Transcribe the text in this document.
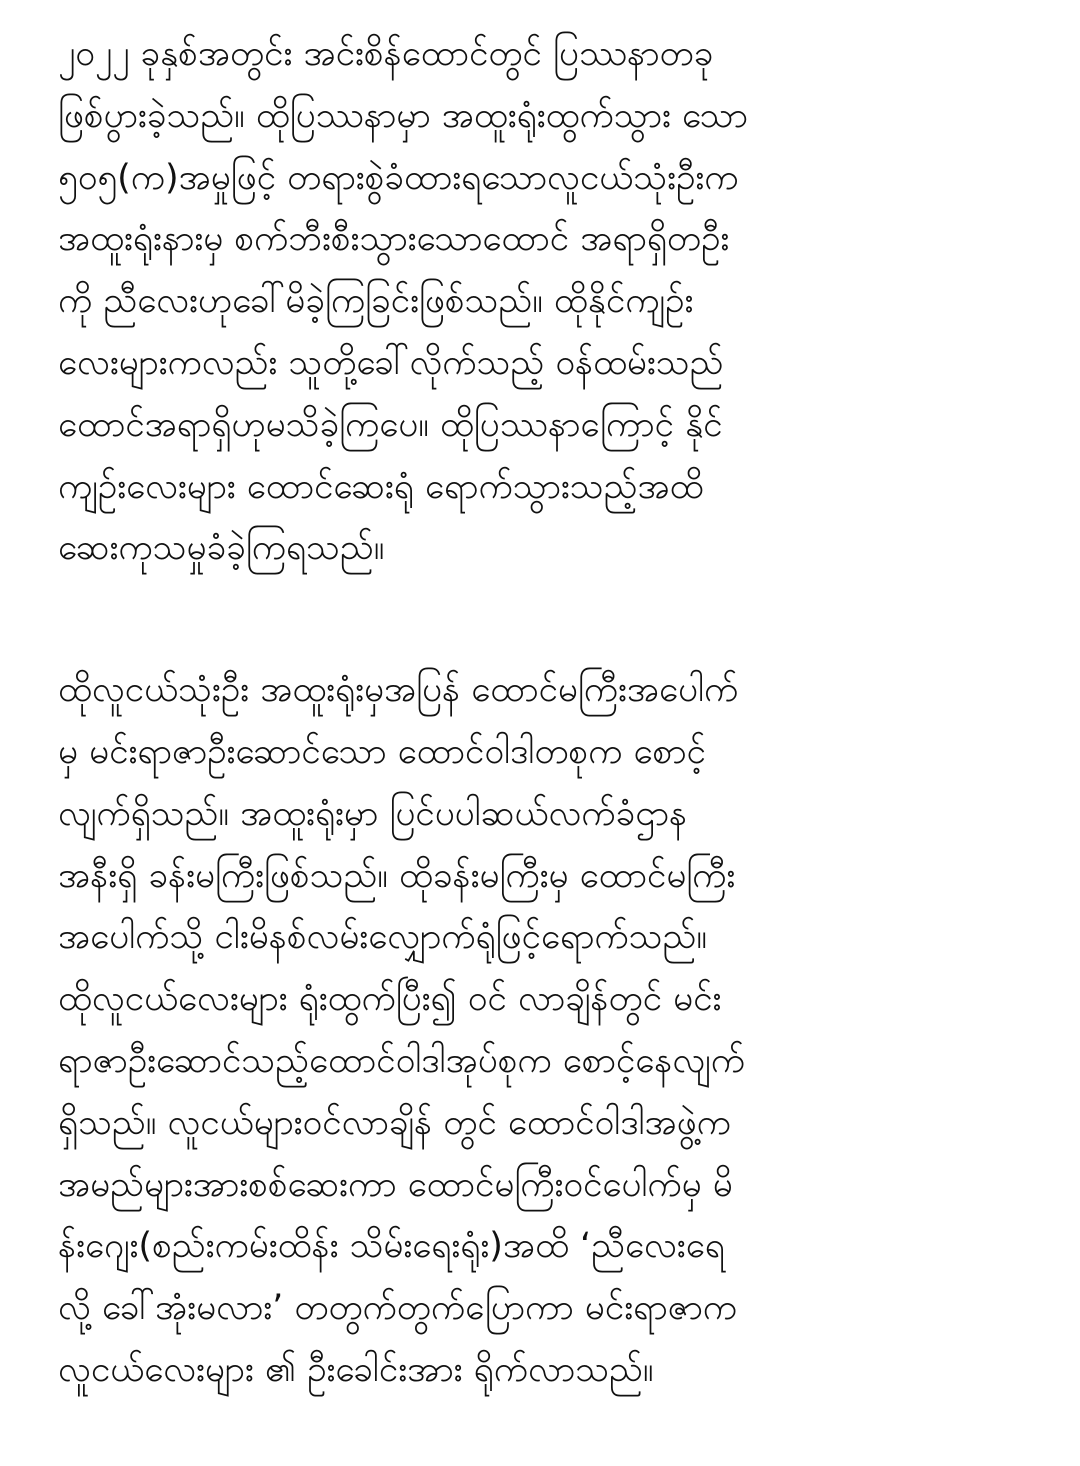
၂၀၂၂ ခုနှစ်အတွင်း အင်းစိန်ထောင်တွင် ပြဿနာတခု
ဖြစ်ပွားခဲ့သည်။ ထိုပြဿနာမှာ အထူးရုံးထွက်သွား သော
၅၀၅(က)အမှုဖြင့် တရားစွဲခံထားရသောလူငယ်သုံးဦးက
အထူးရုံးနားမှ စက်ဘီးစီးသွားသောထောင် အရာရှိတဦး
ကို ညီလေးဟုခေါ်မိခဲ့ကြခြင်းဖြစ်သည်။ ထိုနိုင်ကျဉ်း
လေးများကလည်း သူတို့ခေါ်လိုက်သည့် ဝန်ထမ်းသည်
ထောင်အရာရှိဟုမသိခဲ့ကြပေ။ ထိုပြဿနာကြောင့် နိုင်
ကျဉ်းလေးများ ထောင်ဆေးရုံ ရောက်သွားသည့်အထိ
ဆေးကုသမှုခံခဲ့ကြရသည်။
ထိုလူငယ်သုံးဦး အထူးရုံးမှအပြန် ထောင်မကြီးအပေါက်
မှ မင်းရာဇာဦးဆောင်သော ထောင်ဝါဒါတစုက စောင့်
လျက်ရှိသည်။ အထူးရုံးမှာ ပြင်ပပါဆယ်လက်ခံဌာန
အနီးရှိ ခန်းမကြီးဖြစ်သည်။ ထိုခန်းမကြီးမှ ထောင်မကြီး
အပေါက်သို့ ငါးမိနစ်လမ်းလျှောက်ရုံဖြင့်ရောက်သည်။
ထိုလူငယ်လေးများ ရုံးထွက်ပြီး၍ ဝင် လာချိန်တွင် မင်း
ရာဇာဦးဆောင်သည့်ထောင်ဝါဒါအုပ်စုက စောင့်နေလျက်
ရှိသည်။ လူငယ်များဝင်လာချိန် တွင် ထောင်ဝါဒါအဖွဲ့က
အမည်များအားစစ်ဆေးကာ ထောင်မကြီးဝင်ပေါက်မှ မိ
န်းဂျေး(စည်းကမ်းထိန်း သိမ်းရေးရုံး)အထိ ‘ညီလေးရေ
လို့ ခေါ်အုံးမလား’ တတွက်တွက်ပြောကာ မင်းရာဇာက
လူငယ်လေးများ ၏ ဦးခေါင်းအား ရိုက်လာသည်။
